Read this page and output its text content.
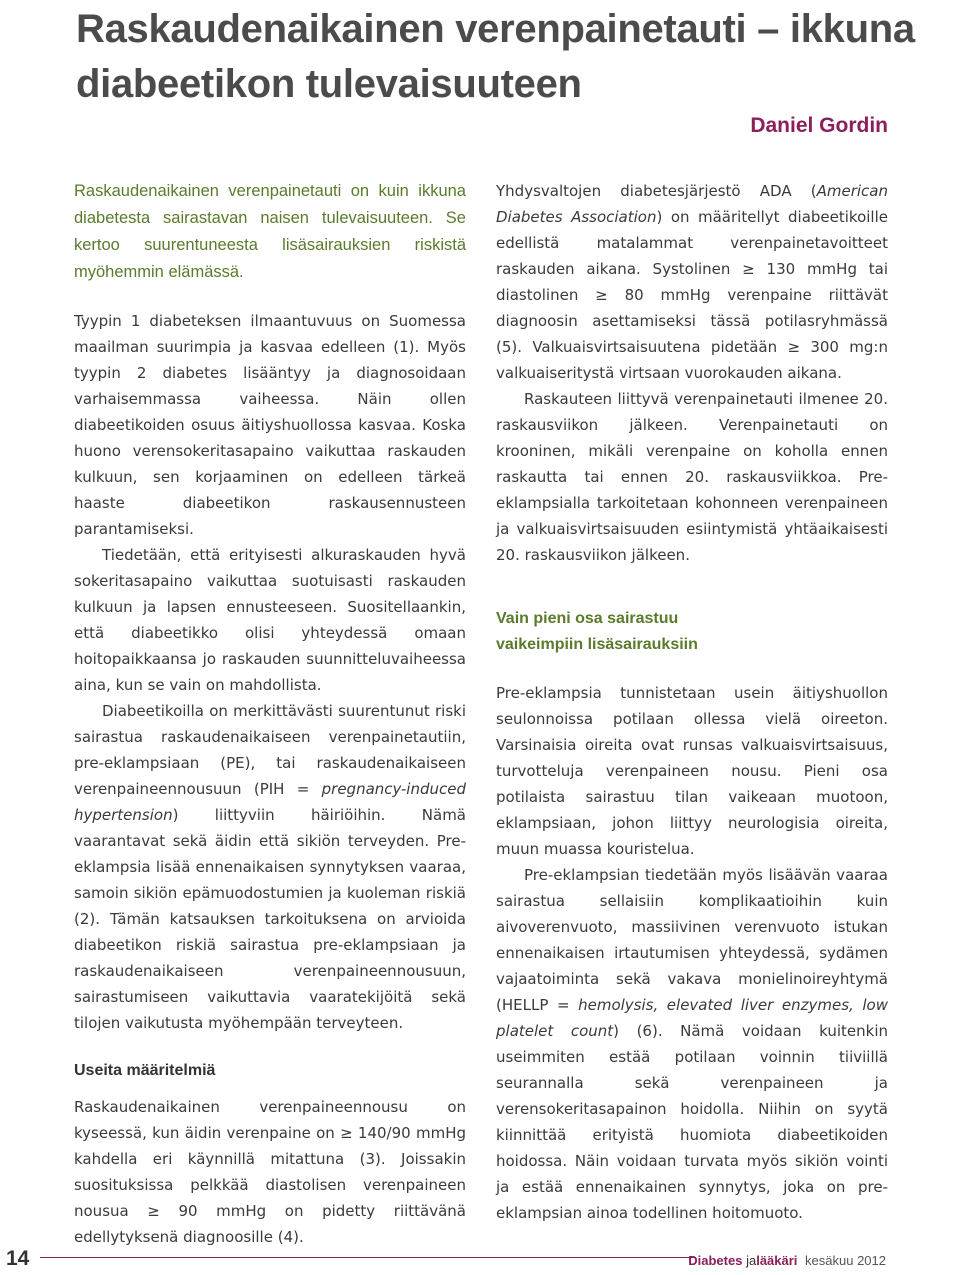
Raskaudenaikainen verenpainetauti – ikkuna diabeetikon tulevaisuuteen
Daniel Gordin

Raskaudenaikainen verenpainetauti on kuin ikkuna diabetesta sairastavan naisen tulevaisuuteen. Se kertoo suurentuneesta lisäsairauksien riskistä myöhemmin elämässä.

Tyypin 1 diabeteksen ilmaantuvuus on Suomessa maailman suurimpia ja kasvaa edelleen (1). Myös tyypin 2 diabetes lisääntyy ja diagnosoidaan varhaisemmassa vaiheessa. Näin ollen diabeetikoiden osuus äitiyshuollossa kasvaa. Koska huono verensokeritasapaino vaikuttaa raskauden kulkuun, sen korjaaminen on edelleen tärkeä haaste diabeetikon raskausennusteen parantamiseksi.

Tiedetään, että erityisesti alkuraskauden hyvä sokeritasapaino vaikuttaa suotuisasti raskauden kulkuun ja lapsen ennusteeseen. Suositellaankin, että diabeetikko olisi yhteydessä omaan hoitopaikkaansa jo raskauden suunnitteluvaiheessa aina, kun se vain on mahdollista.

Diabeetikoilla on merkittävästi suurentunut riski sairastua raskaudenaikaiseen verenpainetautiin, pre-eklampsiaan (PE), tai raskaudenaikaiseen verenpaineennousuun (PIH = pregnancy-induced hypertension) liittyviin häiriöihin. Nämä vaarantavat sekä äidin että sikiön terveyden. Pre-eklampsia lisää ennenaikaisen synnytyksen vaaraa, samoin sikiön epämuodostumien ja kuoleman riskiä (2). Tämän katsauksen tarkoituksena on arvioida diabeetikon riskiä sairastua pre-eklampsiaan ja raskaudenaikaiseen verenpaineennousuun, sairastumiseen vaikuttavia vaaratekijöitä sekä tilojen vaikutusta myöhempään terveyteen.

Useita määritelmiä

Raskaudenaikainen verenpaineennousu on kyseessä, kun äidin verenpaine on ≥ 140/90 mmHg kahdella eri käynnillä mitattuna (3). Joissakin suosituksissa pelkkää diastolisen verenpaineen nousua ≥ 90 mmHg on pidetty riittävänä edellytyksenä diagnoosille (4).

Yhdysvaltojen diabetesjärjestö ADA (American Diabetes Association) on määritellyt diabeetikoille edellistä matalammat verenpainetavoitteet raskauden aikana. Systolinen ≥ 130 mmHg tai diastolinen ≥ 80 mmHg verenpaine riittävät diagnoosin asettamiseksi tässä potilasryhmässä (5). Valkuaisvirtsaisuutena pidetään ≥ 300 mg:n valkuaiseritystä virtsaan vuorokauden aikana.

Raskauteen liittyvä verenpainetauti ilmenee 20. raskausviikon jälkeen. Verenpainetauti on krooninen, mikäli verenpaine on koholla ennen raskautta tai ennen 20. raskausviikkoa. Pre-eklampsialla tarkoitetaan kohonneen verenpaineen ja valkuaisvirtsaisuuden esiintymistä yhtäaikaisesti 20. raskausviikon jälkeen.

Vain pieni osa sairastuu
vaikeimpiin lisäsairauksiin

Pre-eklampsia tunnistetaan usein äitiyshuollon seulonnoissa potilaan ollessa vielä oireeton. Varsinaisia oireita ovat runsas valkuaisvirtsaisuus, turvotteluja verenpaineen nousu. Pieni osa potilaista sairastuu tilan vaikeaan muotoon, eklampsiaan, johon liittyy neurologisia oireita, muun muassa kouristelua.

Pre-eklampsian tiedetään myös lisäävän vaaraa sairastua sellaisiin komplikaatioihin kuin aivoverenvuoto, massiivinen verenvuoto istukan ennenaikaisen irtautumisen yhteydessä, sydämen vajaatoiminta sekä vakava monielinoireyhtymä (HELLP = hemolysis, elevated liver enzymes, low platelet count) (6). Nämä voidaan kuitenkin useimmiten estää potilaan voinnin tiiviillä seurannalla sekä verenpaineen ja verensokeritasapainon hoidolla. Niihin on syytä kiinnittää erityistä huomiota diabeetikoiden hoidossa. Näin voidaan turvata myös sikiön vointi ja estää ennenaikainen synnytys, joka on pre-eklampsian ainoa todellinen hoitomuoto.

14	Diabetes jalääkäri kesäkuu 2012
